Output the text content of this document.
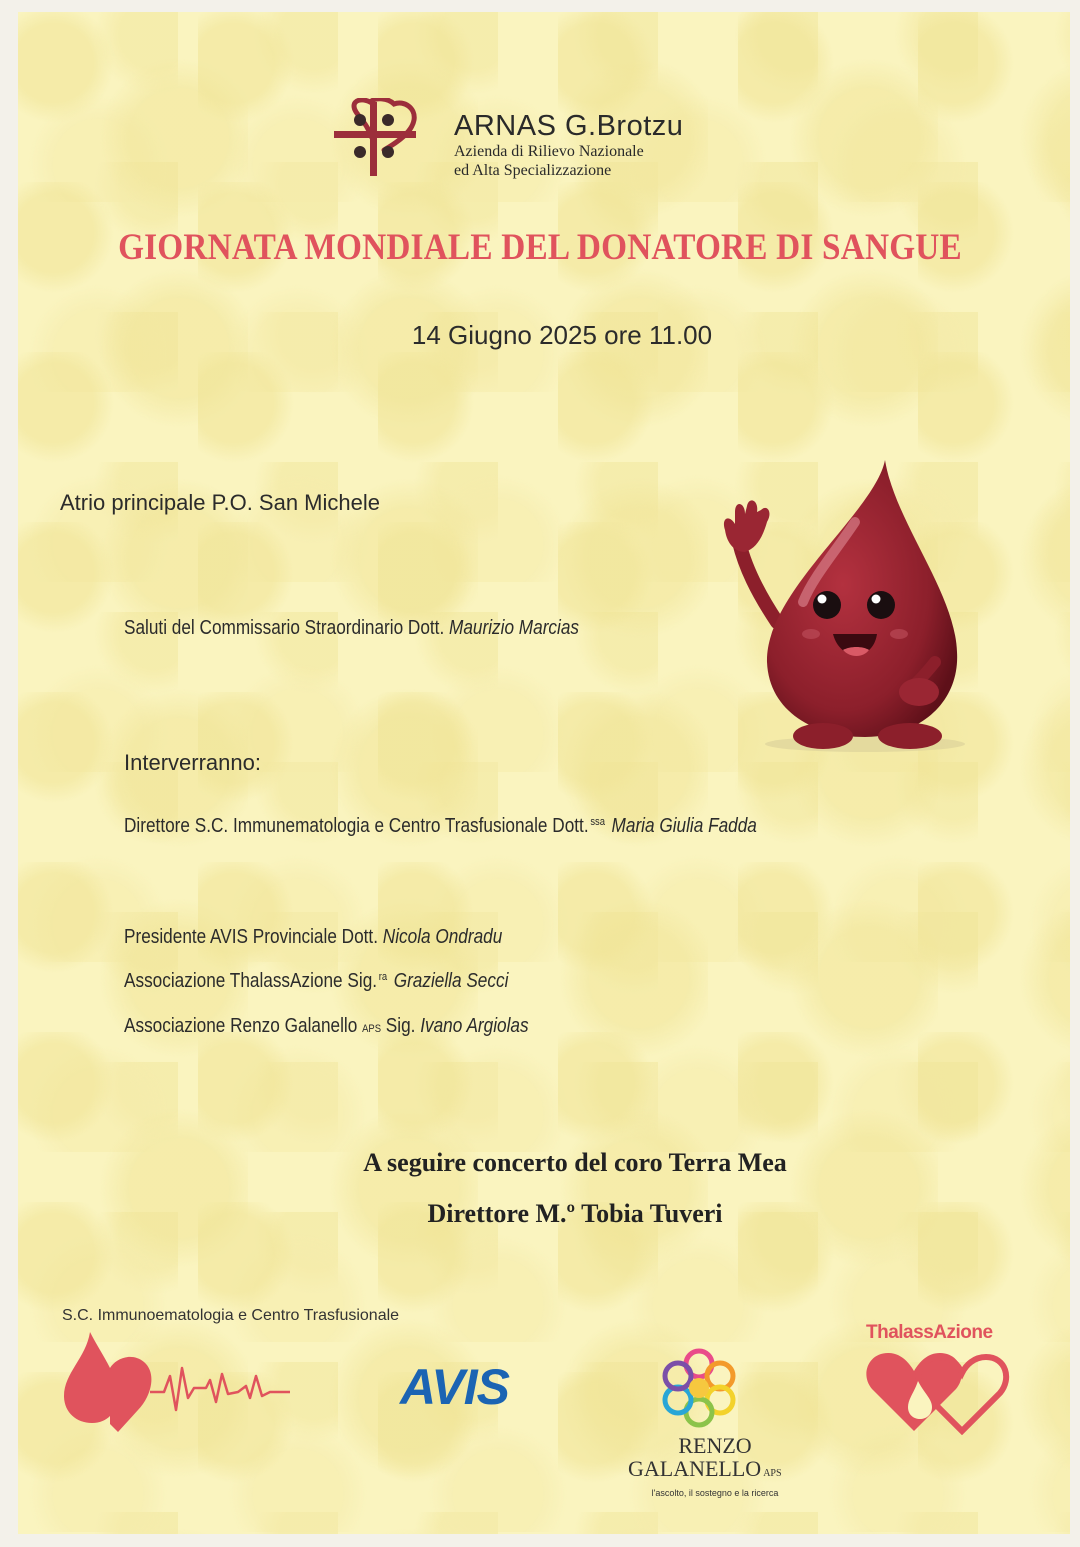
ARNAS G.Brotzu
Azienda di Rilievo Nazionale
ed Alta Specializzazione
GIORNATA MONDIALE DEL DONATORE DI SANGUE
14 Giugno 2025 ore 11.00
Atrio principale P.O. San Michele
Saluti del Commissario Straordinario Dott. Maurizio Marcias
Interverranno:
Direttore S.C. Immunematologia e Centro Trasfusionale Dott. $^{ssa}$ Maria Giulia Fadda
Presidente AVIS Provinciale Dott. Nicola Ondradu
Associazione ThalassAzione Sig. $^{ra}$ Graziella Secci
Associazione Renzo Galanello APS Sig. Ivano Argiolas
A seguire concerto del coro Terra Mea
Direttore M.º Tobia Tuveri
S.C. Immunoematologia e Centro Trasfusionale
AVIS
RENZO
GALANELLO APS
l'ascolto, il sostegno e la ricerca
ThalassAzione
